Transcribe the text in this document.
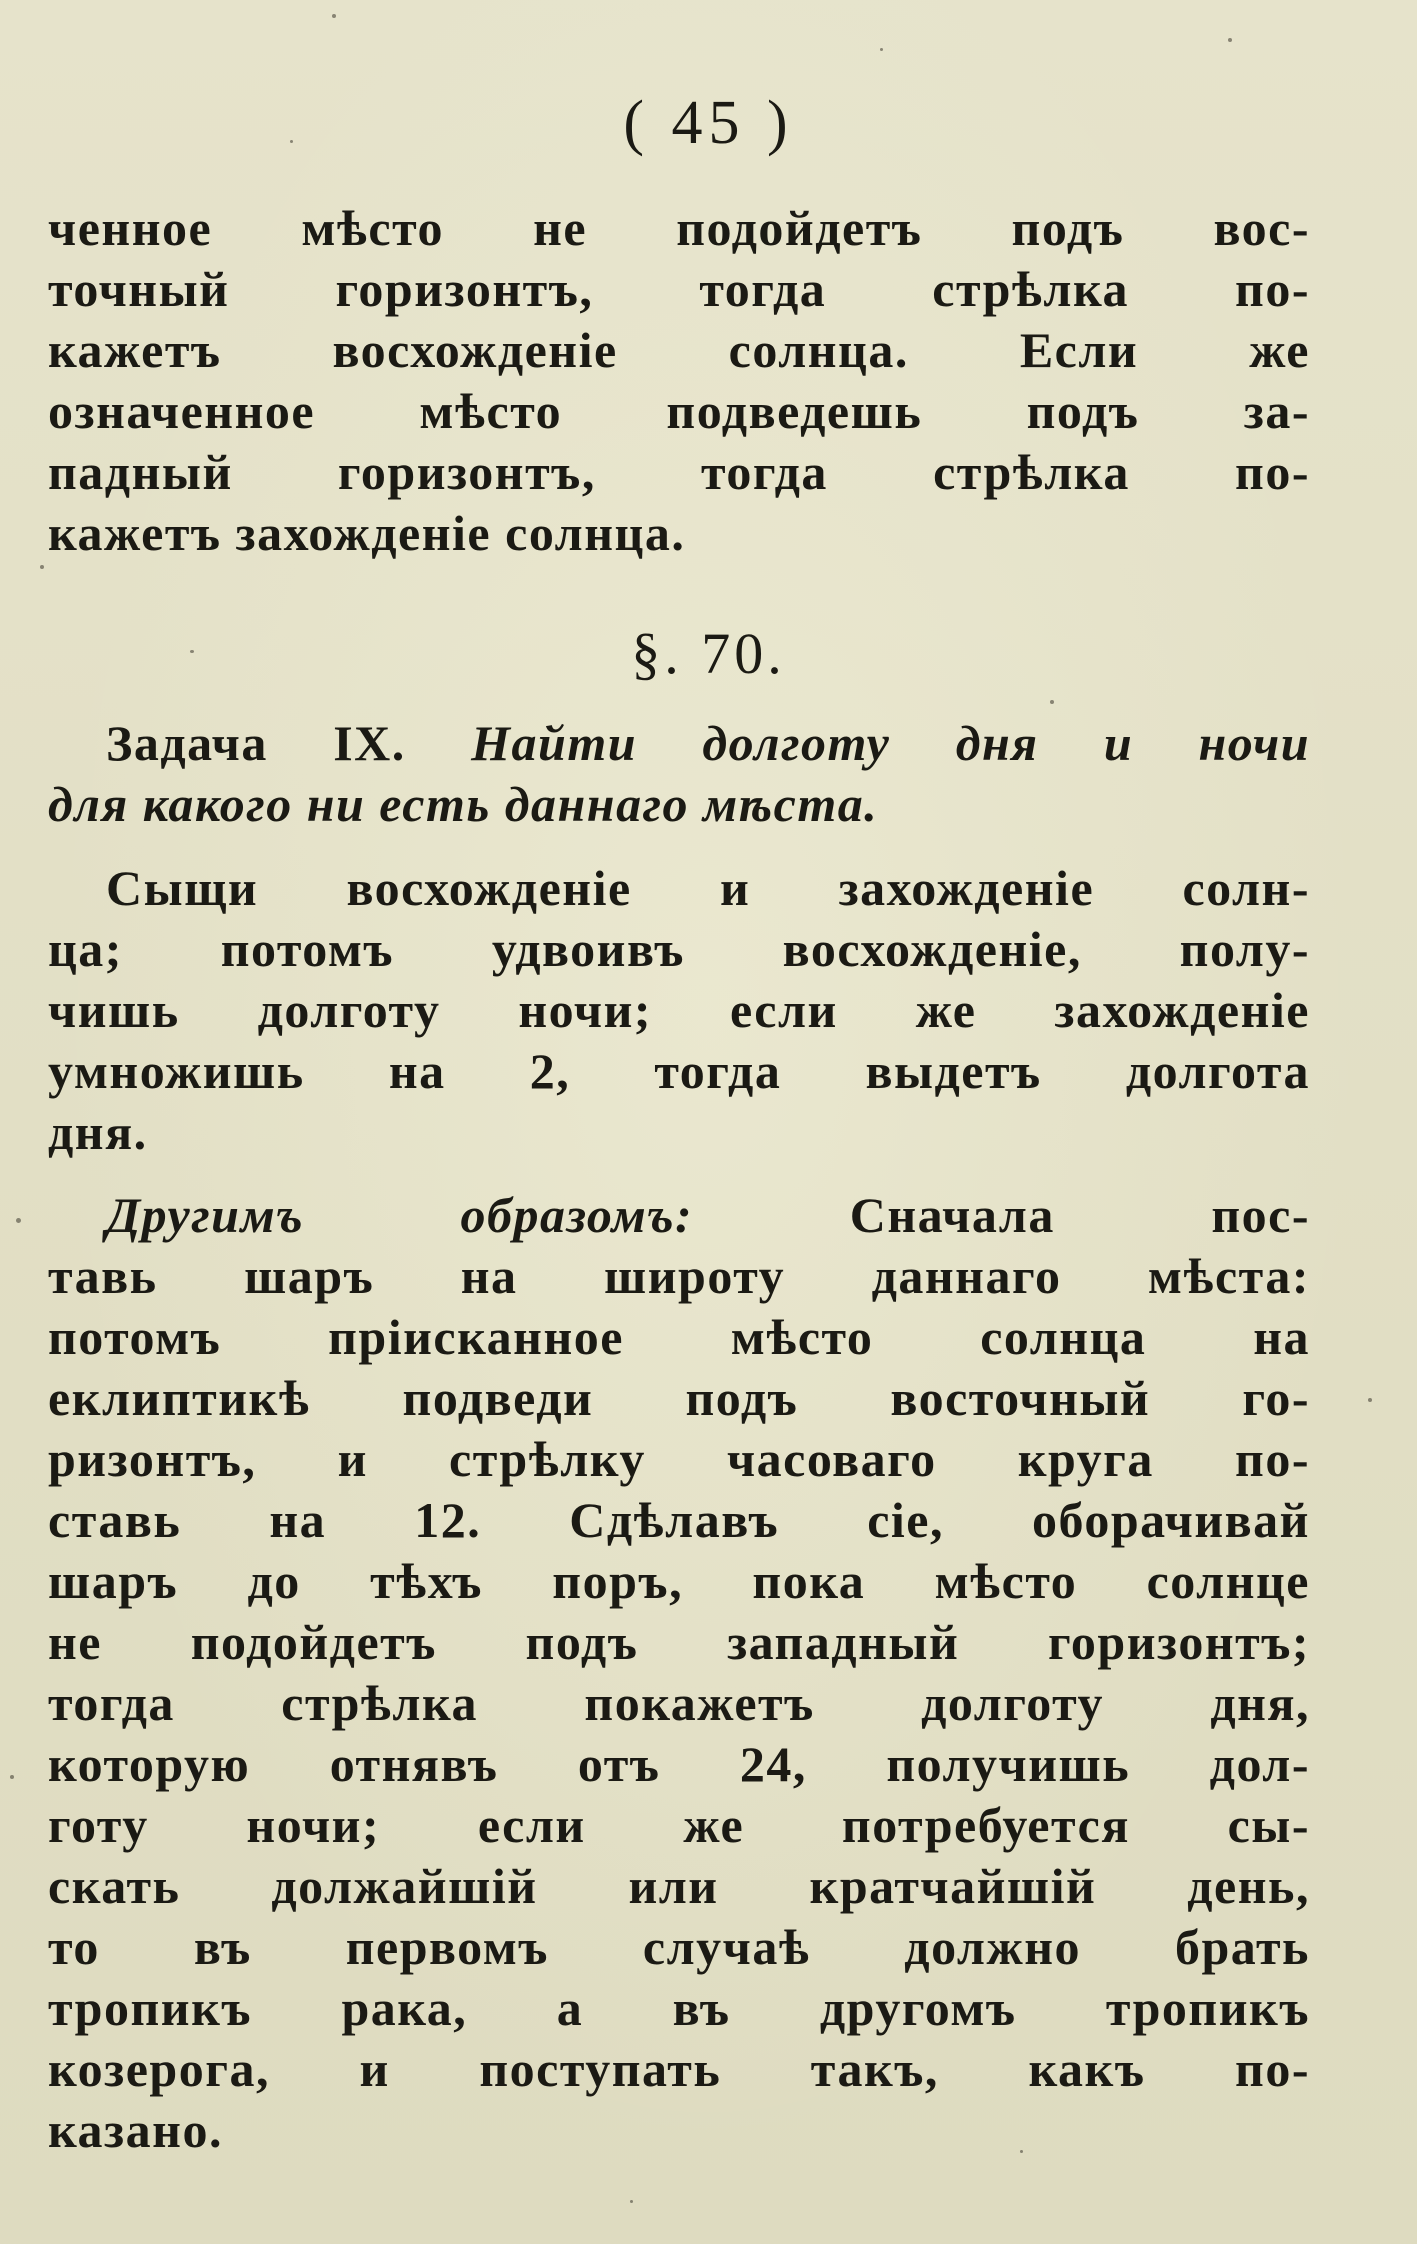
( 45 )
ченное мѣсто не подойдетъ подъ вос-
точный горизонтъ, тогда стрѣлка по-
кажетъ восхожденіе солнца. Если же
означенное мѣсто подведешь подъ за-
падный горизонтъ, тогда стрѣлка по-
кажетъ захожденіе солнца.
§. 70.
Задача IX. Найти долготу дня и ночи
для какого ни есть даннаго мѣста.
Сыщи восхожденіе и захожденіе солн-
ца; потомъ удвоивъ восхожденіе, полу-
чишь долготу ночи; если же захожденіе
умножишь на 2, тогда выдетъ долгота
дня.
Другимъ образомъ:	Сначала пос-
тавь шаръ на широту даннаго мѣста:
потомъ пріисканное мѣсто солнца на
еклиптикѣ подведи подъ восточный го-
ризонтъ, и стрѣлку часоваго круга по-
ставь на 12. Сдѣлавъ сіе, оборачивай
шаръ до тѣхъ поръ, пока мѣсто солнце
не подойдетъ подъ западный горизонтъ;
тогда стрѣлка покажетъ долготу дня,
которую отнявъ отъ 24, получишь дол-
готу ночи; если же потребуется сы-
скать должайшій или кратчайшій день,
то въ первомъ случаѣ должно брать
тропикъ рака, а въ другомъ тропикъ
козерога, и поступать такъ, какъ по-
казано.
